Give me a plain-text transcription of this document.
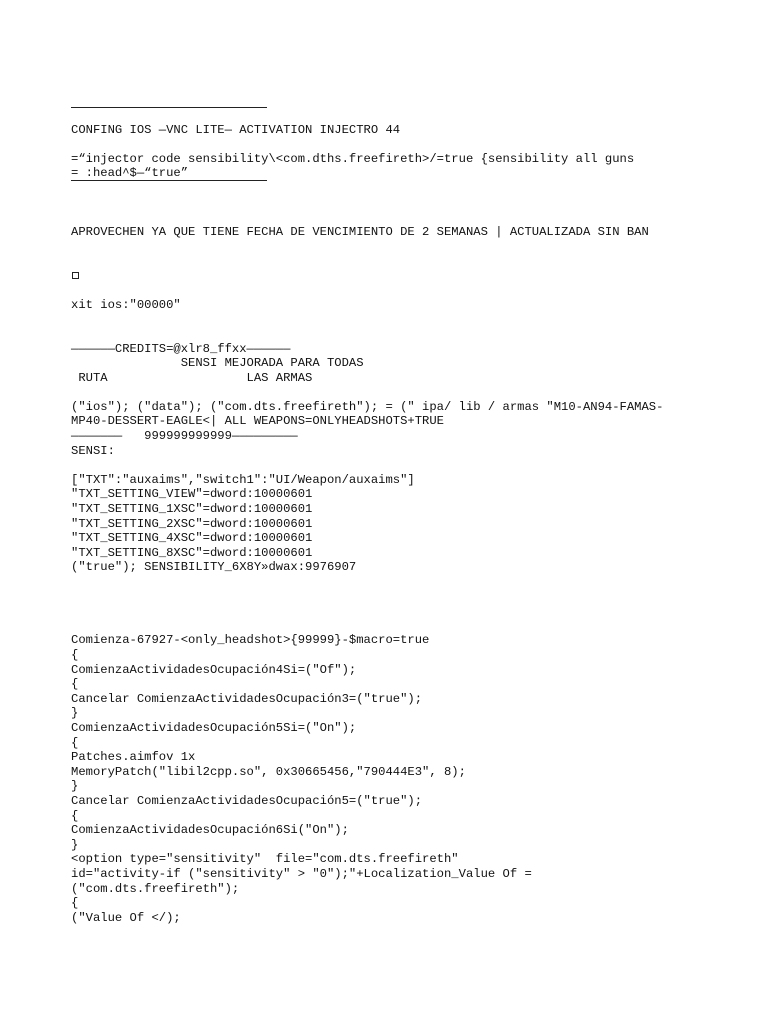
CONFING IOS —VNC LITE— ACTIVATION INJECTRO 44

=“injector code sensibility\<com.dths.freefireth>/=true {sensibility all guns

= :head^$—“true”

APROVECHEN YA QUE TIENE FECHA DE VENCIMIENTO DE 2 SEMANAS | ACTUALIZADA SIN BAN

xit ios:"00000"

——————CREDITS=@xlr8_ffxx——————

SENSI MEJORADA PARA TODAS

RUTA                   LAS ARMAS

("ios"); ("data"); ("com.dts.freefireth"); = (" ipa/ lib / armas "M10-AN94-FAMAS-

MP40-DESSERT-EAGLE<| ALL WEAPONS=ONLYHEADSHOTS+TRUE

———————   999999999999—————————

SENSI:

["TXT":"auxaims","switch1":"UI/Weapon/auxaims"]

"TXT_SETTING_VIEW"=dword:10000601

"TXT_SETTING_1XSC"=dword:10000601

"TXT_SETTING_2XSC"=dword:10000601

"TXT_SETTING_4XSC"=dword:10000601

"TXT_SETTING_8XSC"=dword:10000601

("true"); SENSIBILITY_6X8Y»dwax:9976907

Comienza-67927-<only_headshot>{99999}-$macro=true

{

ComienzaActividadesOcupación4Si=("Of");

{

Cancelar ComienzaActividadesOcupación3=("true");

}

ComienzaActividadesOcupación5Si=("On");

{

Patches.aimfov 1x

MemoryPatch("libil2cpp.so", 0x30665456,"790444E3", 8);

}

Cancelar ComienzaActividadesOcupación5=("true");

{

ComienzaActividadesOcupación6Si("On");

}

<option type="sensitivity"  file="com.dts.freefireth"

id="activity-if ("sensitivity" > "0");"+Localization_Value Of =

("com.dts.freefireth");

{

("Value Of </);
